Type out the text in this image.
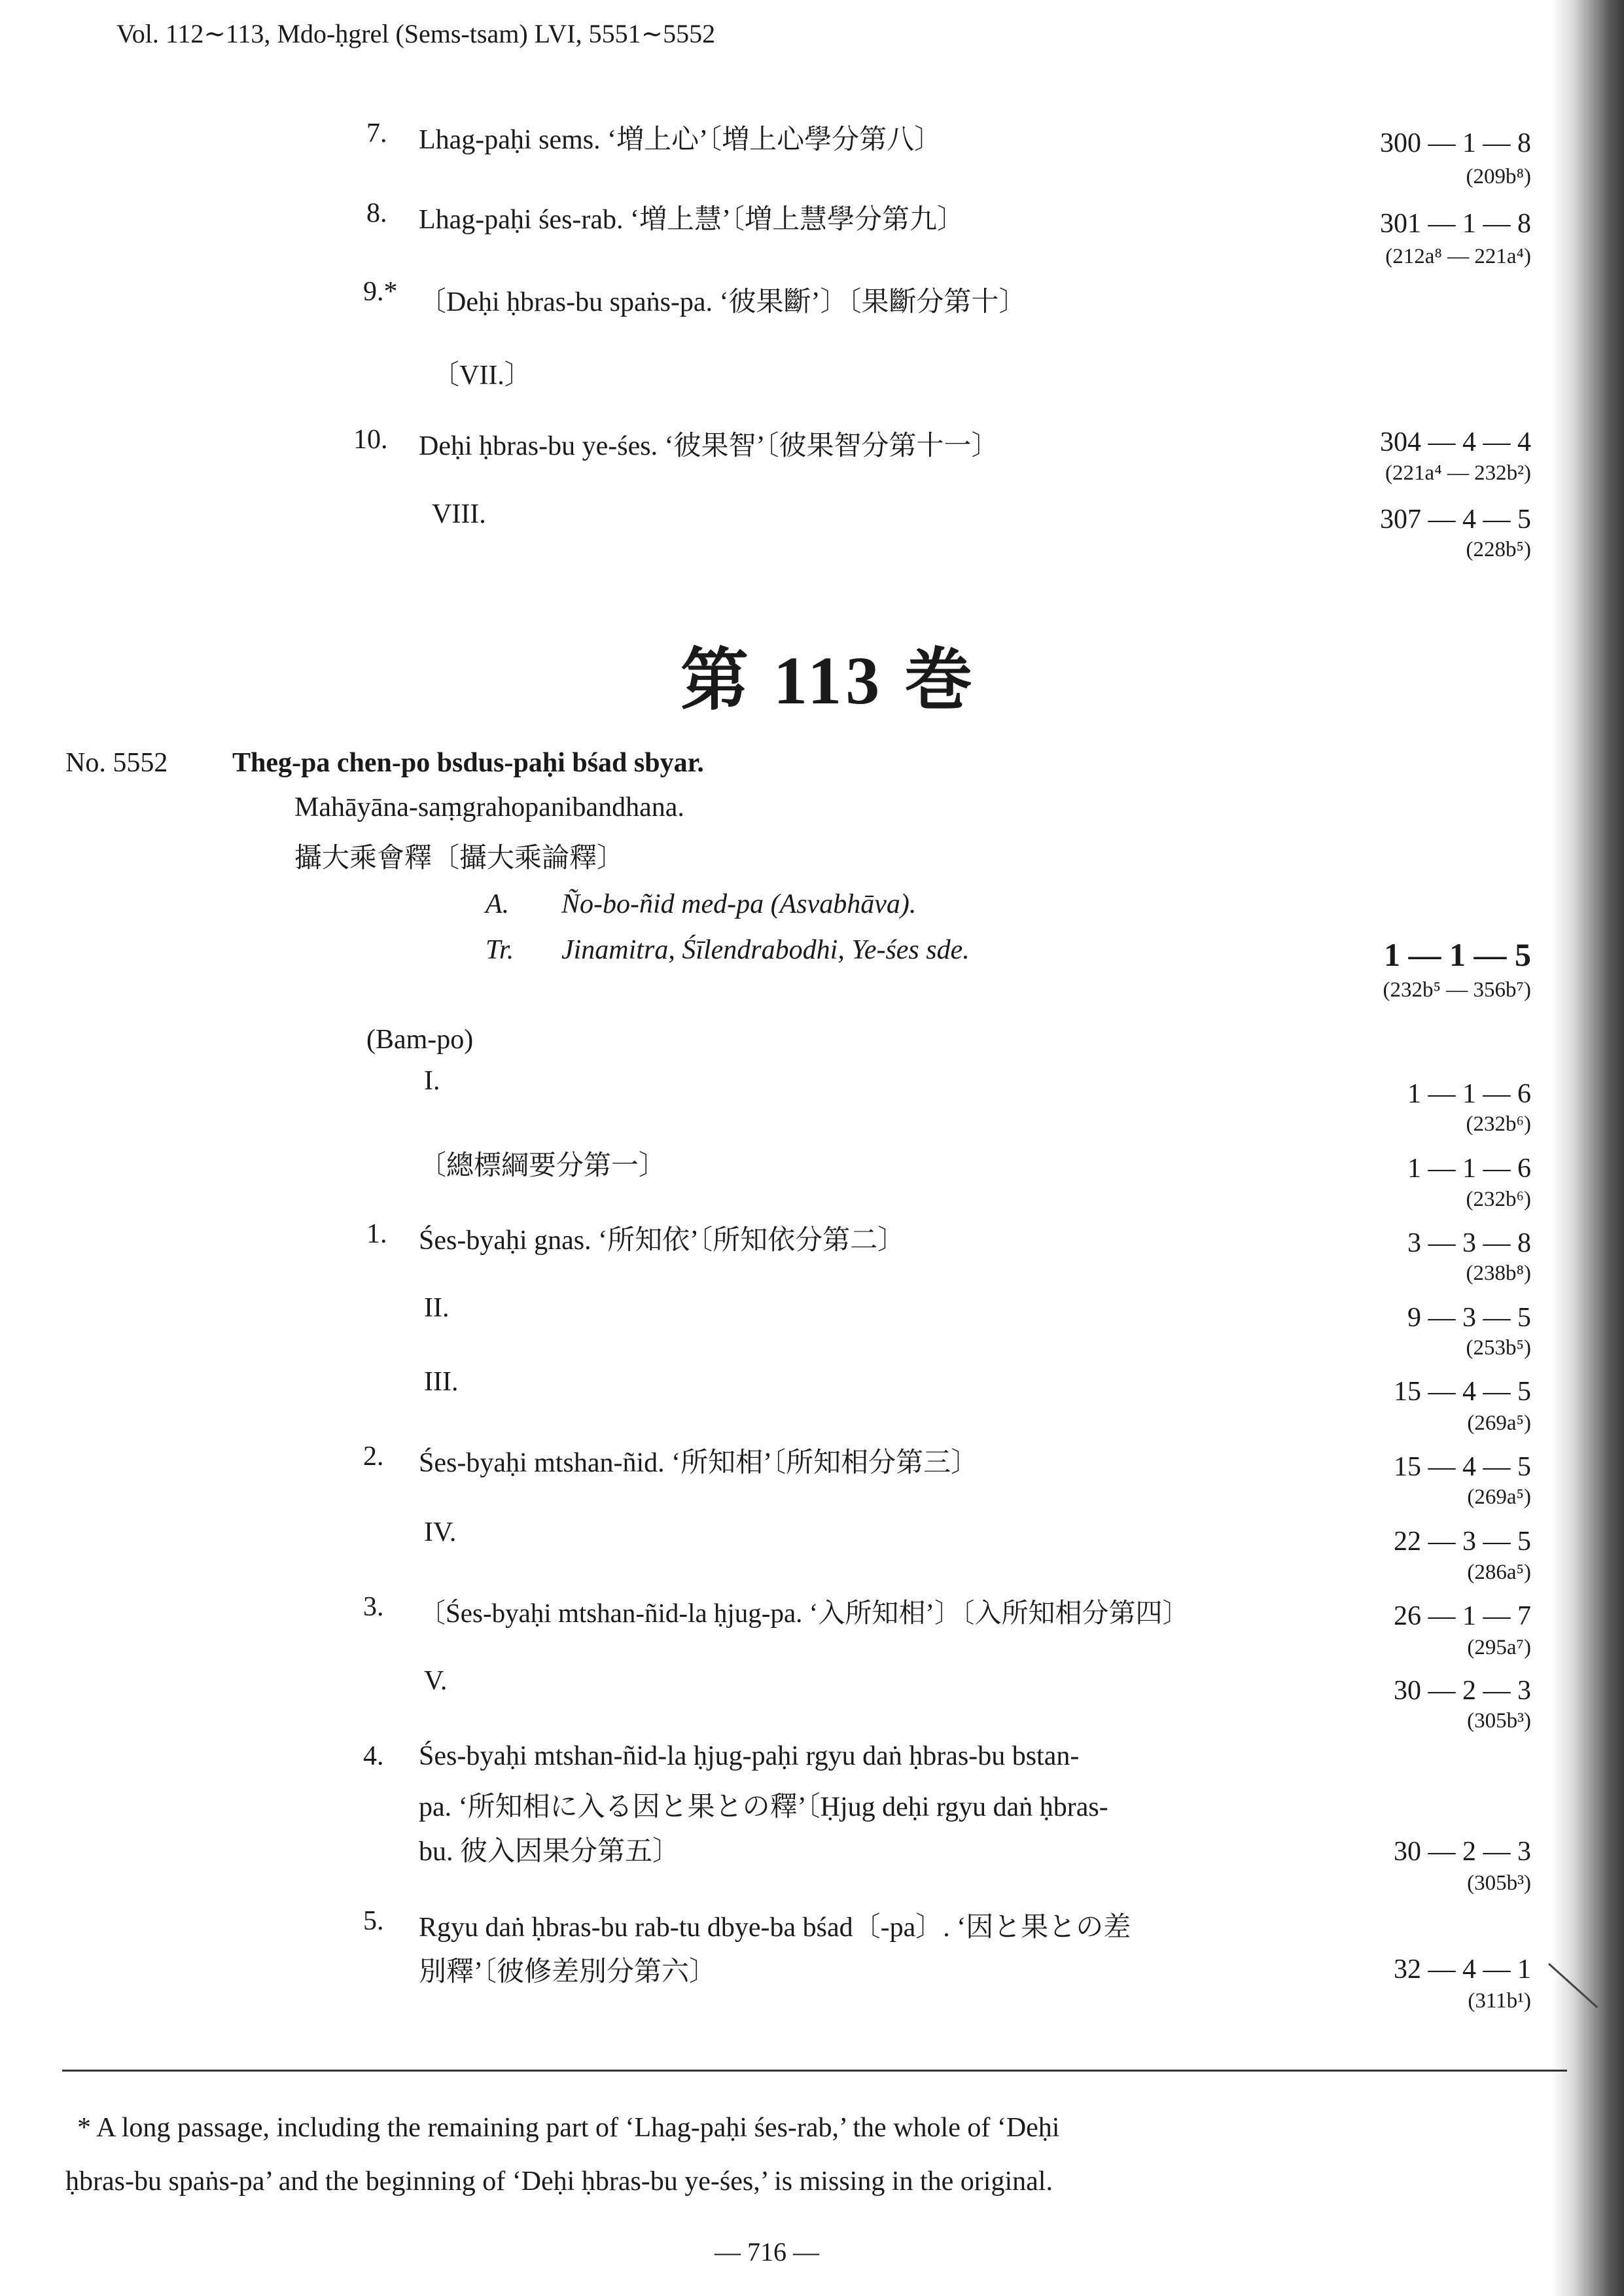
Vol. 112∼113, Mdo-ḥgrel (Sems-tsam) LVI, 5551∼5552
7. Lhag-paḥi sems. ‘増上心’〔増上心學分第八〕	300 — 1 — 8
(209b⁸)
8. Lhag-paḥi śes-rab. ‘増上慧’〔増上慧學分第九〕	301 — 1 — 8
(212a⁸ — 221a⁴)
9.* 〔Deḥi ḥbras-bu spaṅs-pa. ‘彼果斷’〕〔果斷分第十〕
〔VII.〕
10. Deḥi ḥbras-bu ye-śes. ‘彼果智’〔彼果智分第十一〕	304 — 4 — 4
(221a⁴ — 232b²)
VIII.	307 — 4 — 5
(228b⁵)
第 113 巻
No. 5552 Theg-pa chen-po bsdus-paḥi bśad sbyar.
Mahāyāna-saṃgrahopanibandhana.
攝大乘會釋〔攝大乘論釋〕
A. Ño-bo-ñid med-pa (Asvabhāva).
Tr. Jinamitra, Śīlendrabodhi, Ye-śes sde.	1 — 1 — 5
(232b⁵ — 356b⁷)
(Bam-po)
I.	1 — 1 — 6
(232b⁶)
〔總標綱要分第一〕	1 — 1 — 6
(232b⁶)
1. Śes-byaḥi gnas. ‘所知依’〔所知依分第二〕	3 — 3 — 8
(238b⁸)
II.	9 — 3 — 5
(253b⁵)
III.	15 — 4 — 5
(269a⁵)
2. Śes-byaḥi mtshan-ñid. ‘所知相’〔所知相分第三〕	15 — 4 — 5
(269a⁵)
IV.	22 — 3 — 5
(286a⁵)
3. 〔Śes-byaḥi mtshan-ñid-la ḥjug-pa. ‘入所知相’〕〔入所知相分第四〕	26 — 1 — 7
(295a⁷)
V.	30 — 2 — 3
(305b³)
4. Śes-byaḥi mtshan-ñid-la ḥjug-paḥi rgyu daṅ ḥbras-bu bstan-
pa. ‘所知相に入る因と果との釋’〔Ḥjug deḥi rgyu daṅ ḥbras-
bu. 彼入因果分第五〕	30 — 2 — 3
(305b³)
5. Rgyu daṅ ḥbras-bu rab-tu dbye-ba bśad〔-pa〕. ‘因と果との差
別釋’〔彼修差別分第六〕	32 — 4 — 1
(311b¹)
* A long passage, including the remaining part of ‘Lhag-paḥi śes-rab,’ the whole of ‘Deḥi
ḥbras-bu spaṅs-pa’ and the beginning of ‘Deḥi ḥbras-bu ye-śes,’ is missing in the original.
— 716 —
